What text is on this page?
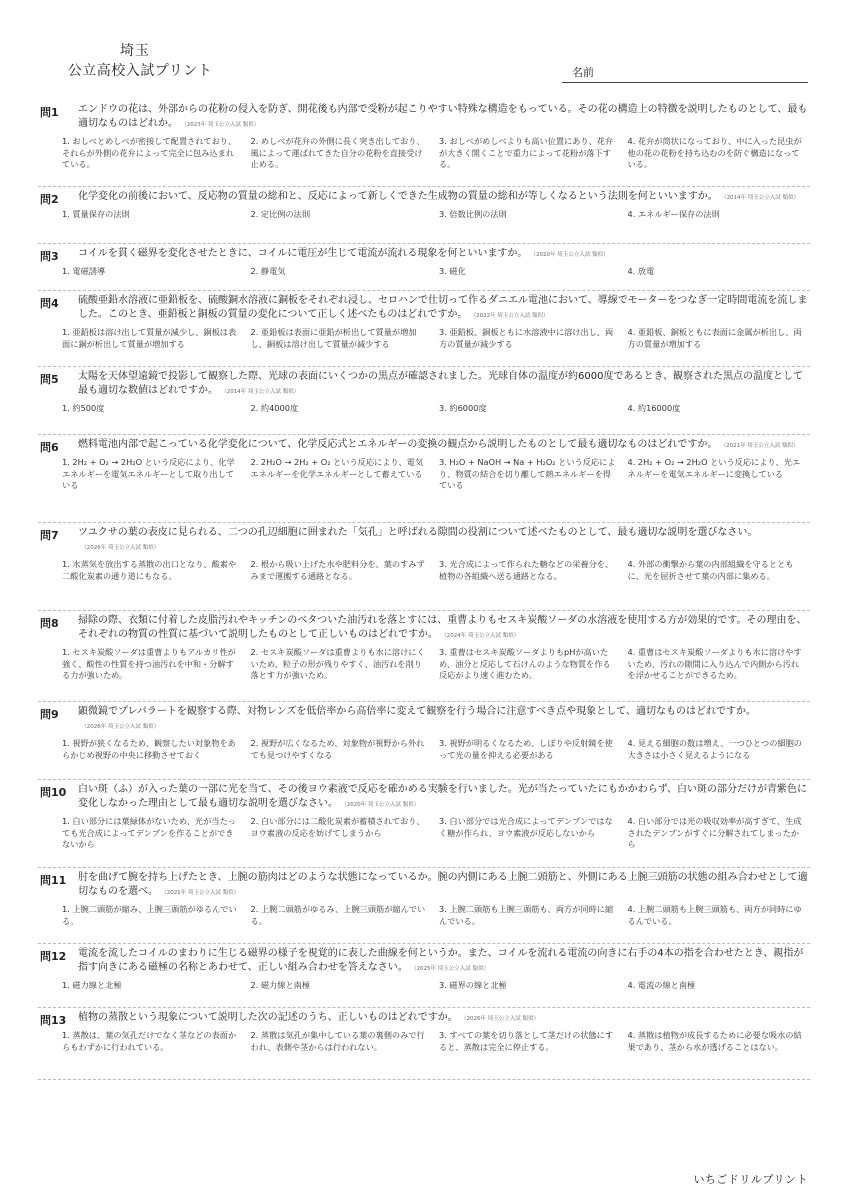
埼玉
公立高校入試プリント	名前
問1 エンドウの花は、外部からの花粉の侵入を防ぎ、開花後も内部で受粉が起こりやすい特殊な構造をもっている。その花の構造上の特徴を説明したものとして、最も適切なものはどれか。 （2023年 埼玉公立入試 類似）
1. おしべとめしべが密接して配置されており、それらが外側の花弁によって完全に包み込まれている。
2. めしべが花弁の外側に長く突き出しており、風によって運ばれてきた自分の花粉を直接受け止める。
3. おしべがめしべよりも高い位置にあり、花弁が大きく開くことで重力によって花粉が落下する。
4. 花弁が筒状になっており、中に入った昆虫が他の花の花粉を持ち込むのを防ぐ構造になっている。
問2 化学変化の前後において、反応物の質量の総和と、反応によって新しくできた生成物の質量の総和が等しくなるという法則を何といいますか。 （2014年 埼玉公立入試 類似）
1. 質量保存の法則	2. 定比例の法則	3. 倍数比例の法則	4. エネルギー保存の法則
問3 コイルを貫く磁界を変化させたときに、コイルに電圧が生じて電流が流れる現象を何といいますか。 （2020年 埼玉公立入試 類似）
1. 電磁誘導	2. 静電気	3. 磁化	4. 放電
問4 硫酸亜鉛水溶液に亜鉛板を、硫酸銅水溶液に銅板をそれぞれ浸し、セロハンで仕切って作るダニエル電池において、導線でモーターをつなぎ一定時間電流を流しました。このとき、亜鉛板と銅板の質量の変化について正しく述べたものはどれですか。 （2022年 埼玉公立入試 類似）
1. 亜鉛板は溶け出して質量が減少し、銅板は表面に銅が析出して質量が増加する
2. 亜鉛板は表面に亜鉛が析出して質量が増加し、銅板は溶け出して質量が減少する
3. 亜鉛板、銅板ともに水溶液中に溶け出し、両方の質量が減少する
4. 亜鉛板、銅板ともに表面に金属が析出し、両方の質量が増加する
問5 太陽を天体望遠鏡で投影して観察した際、光球の表面にいくつかの黒点が確認されました。光球自体の温度が約6000度であるとき、観察された黒点の温度として最も適切な数値はどれですか。 （2014年 埼玉公立入試 類似）
1. 約500度	2. 約4000度	3. 約6000度	4. 約16000度
問6 燃料電池内部で起こっている化学変化について、化学反応式とエネルギーの変換の観点から説明したものとして最も適切なものはどれですか。 （2021年 埼玉公立入試 類似）
1. 2H₂ + O₂ → 2H₂O という反応により、化学エネルギーを電気エネルギーとして取り出している
2. 2H₂O → 2H₂ + O₂ という反応により、電気エネルギーを化学エネルギーとして蓄えている
3. H₂O + NaOH → Na + H₂O₂ という反応により、物質の結合を切り離して熱エネルギーを得ている
4. 2H₂ + O₂ → 2H₂O という反応により、光エネルギーを電気エネルギーに変換している
問7 ツユクサの葉の表皮に見られる、二つの孔辺細胞に囲まれた「気孔」と呼ばれる隙間の役割について述べたものとして、最も適切な説明を選びなさい。（2026年 埼玉公立入試 類似）
1. 水蒸気を放出する蒸散の出口となり、酸素や二酸化炭素の通り道にもなる。
2. 根から吸い上げた水や肥料分を、葉のすみずみまで運搬する通路となる。
3. 光合成によって作られた糖などの栄養分を、植物の各組織へ送る通路となる。
4. 外部の衝撃から葉の内部組織を守るとともに、光を屈折させて葉の内部に集める。
問8 掃除の際、衣類に付着した皮脂汚れやキッチンのベタついた油汚れを落とすには、重曹よりもセスキ炭酸ソーダの水溶液を使用する方が効果的です。その理由を、それぞれの物質の性質に基づいて説明したものとして正しいものはどれですか。 （2024年 埼玉公立入試 類似）
1. セスキ炭酸ソーダは重曹よりもアルカリ性が強く、酸性の性質を持つ油汚れを中和・分解する力が強いため。
2. セスキ炭酸ソーダは重曹よりも水に溶けにくいため、粒子の形が残りやすく、油汚れを削り落とす力が強いため。
3. 重曹はセスキ炭酸ソーダよりもpHが高いため、油分と反応して石けんのような物質を作る反応がより速く進むため。
4. 重曹はセスキ炭酸ソーダよりも水に溶けやすいため、汚れの隙間に入り込んで内側から汚れを浮かせることができるため。
問9 顕微鏡でプレパラートを観察する際、対物レンズを低倍率から高倍率に変えて観察を行う場合に注意すべき点や現象として、適切なものはどれですか。（2026年 埼玉公立入試 類似）
1. 視野が狭くなるため、観察したい対象物をあらかじめ視野の中央に移動させておく
2. 視野が広くなるため、対象物が視野から外れても見つけやすくなる
3. 視野が明るくなるため、しぼりや反射鏡を使って光の量を抑える必要がある
4. 見える細胞の数は増え、一つひとつの細胞の大きさは小さく見えるようになる
問10 白い斑（ふ）が入った葉の一部に光を当て、その後ヨウ素液で反応を確かめる実験を行いました。光が当たっていたにもかかわらず、白い斑の部分だけが青紫色に変化しなかった理由として最も適切な説明を選びなさい。 （2020年 埼玉公立入試 類似）
1. 白い部分には葉緑体がないため、光が当たっても光合成によってデンプンを作ることができないから
2. 白い部分には二酸化炭素が蓄積されており、ヨウ素液の反応を妨げてしまうから
3. 白い部分では光合成によってデンプンではなく糖が作られ、ヨウ素液が反応しないから
4. 白い部分では光の吸収効率が高すぎて、生成されたデンプンがすぐに分解されてしまったから
問11 肘を曲げて腕を持ち上げたとき、上腕の筋肉はどのような状態になっているか。腕の内側にある上腕二頭筋と、外側にある上腕三頭筋の状態の組み合わせとして適切なものを選べ。 （2021年 埼玉公立入試 類似）
1. 上腕二頭筋が縮み、上腕三頭筋がゆるんでいる。
2. 上腕二頭筋がゆるみ、上腕三頭筋が縮んでいる。
3. 上腕二頭筋も上腕三頭筋も、両方が同時に縮んでいる。
4. 上腕二頭筋も上腕三頭筋も、両方が同時にゆるんでいる。
問12 電流を流したコイルのまわりに生じる磁界の様子を視覚的に表した曲線を何というか。また、コイルを流れる電流の向きに右手の4本の指を合わせたとき、親指が指す向きにある磁極の名称とあわせて、正しい組み合わせを答えなさい。 （2025年 埼玉公立入試 類似）
1. 磁力線と北極	2. 磁力線と南極	3. 磁界の線と北極	4. 電流の線と南極
問13 植物の蒸散という現象について説明した次の記述のうち、正しいものはどれですか。 （2026年 埼玉公立入試 類似）
1. 蒸散は、葉の気孔だけでなく茎などの表面からもわずかに行われている。
2. 蒸散は気孔が集中している葉の裏側のみで行われ、表側や茎からは行われない。
3. すべての葉を切り落として茎だけの状態にすると、蒸散は完全に停止する。
4. 蒸散は植物が成長するために必要な吸水の結果であり、茎から水が透げることはない。
いちごドリルプリント
